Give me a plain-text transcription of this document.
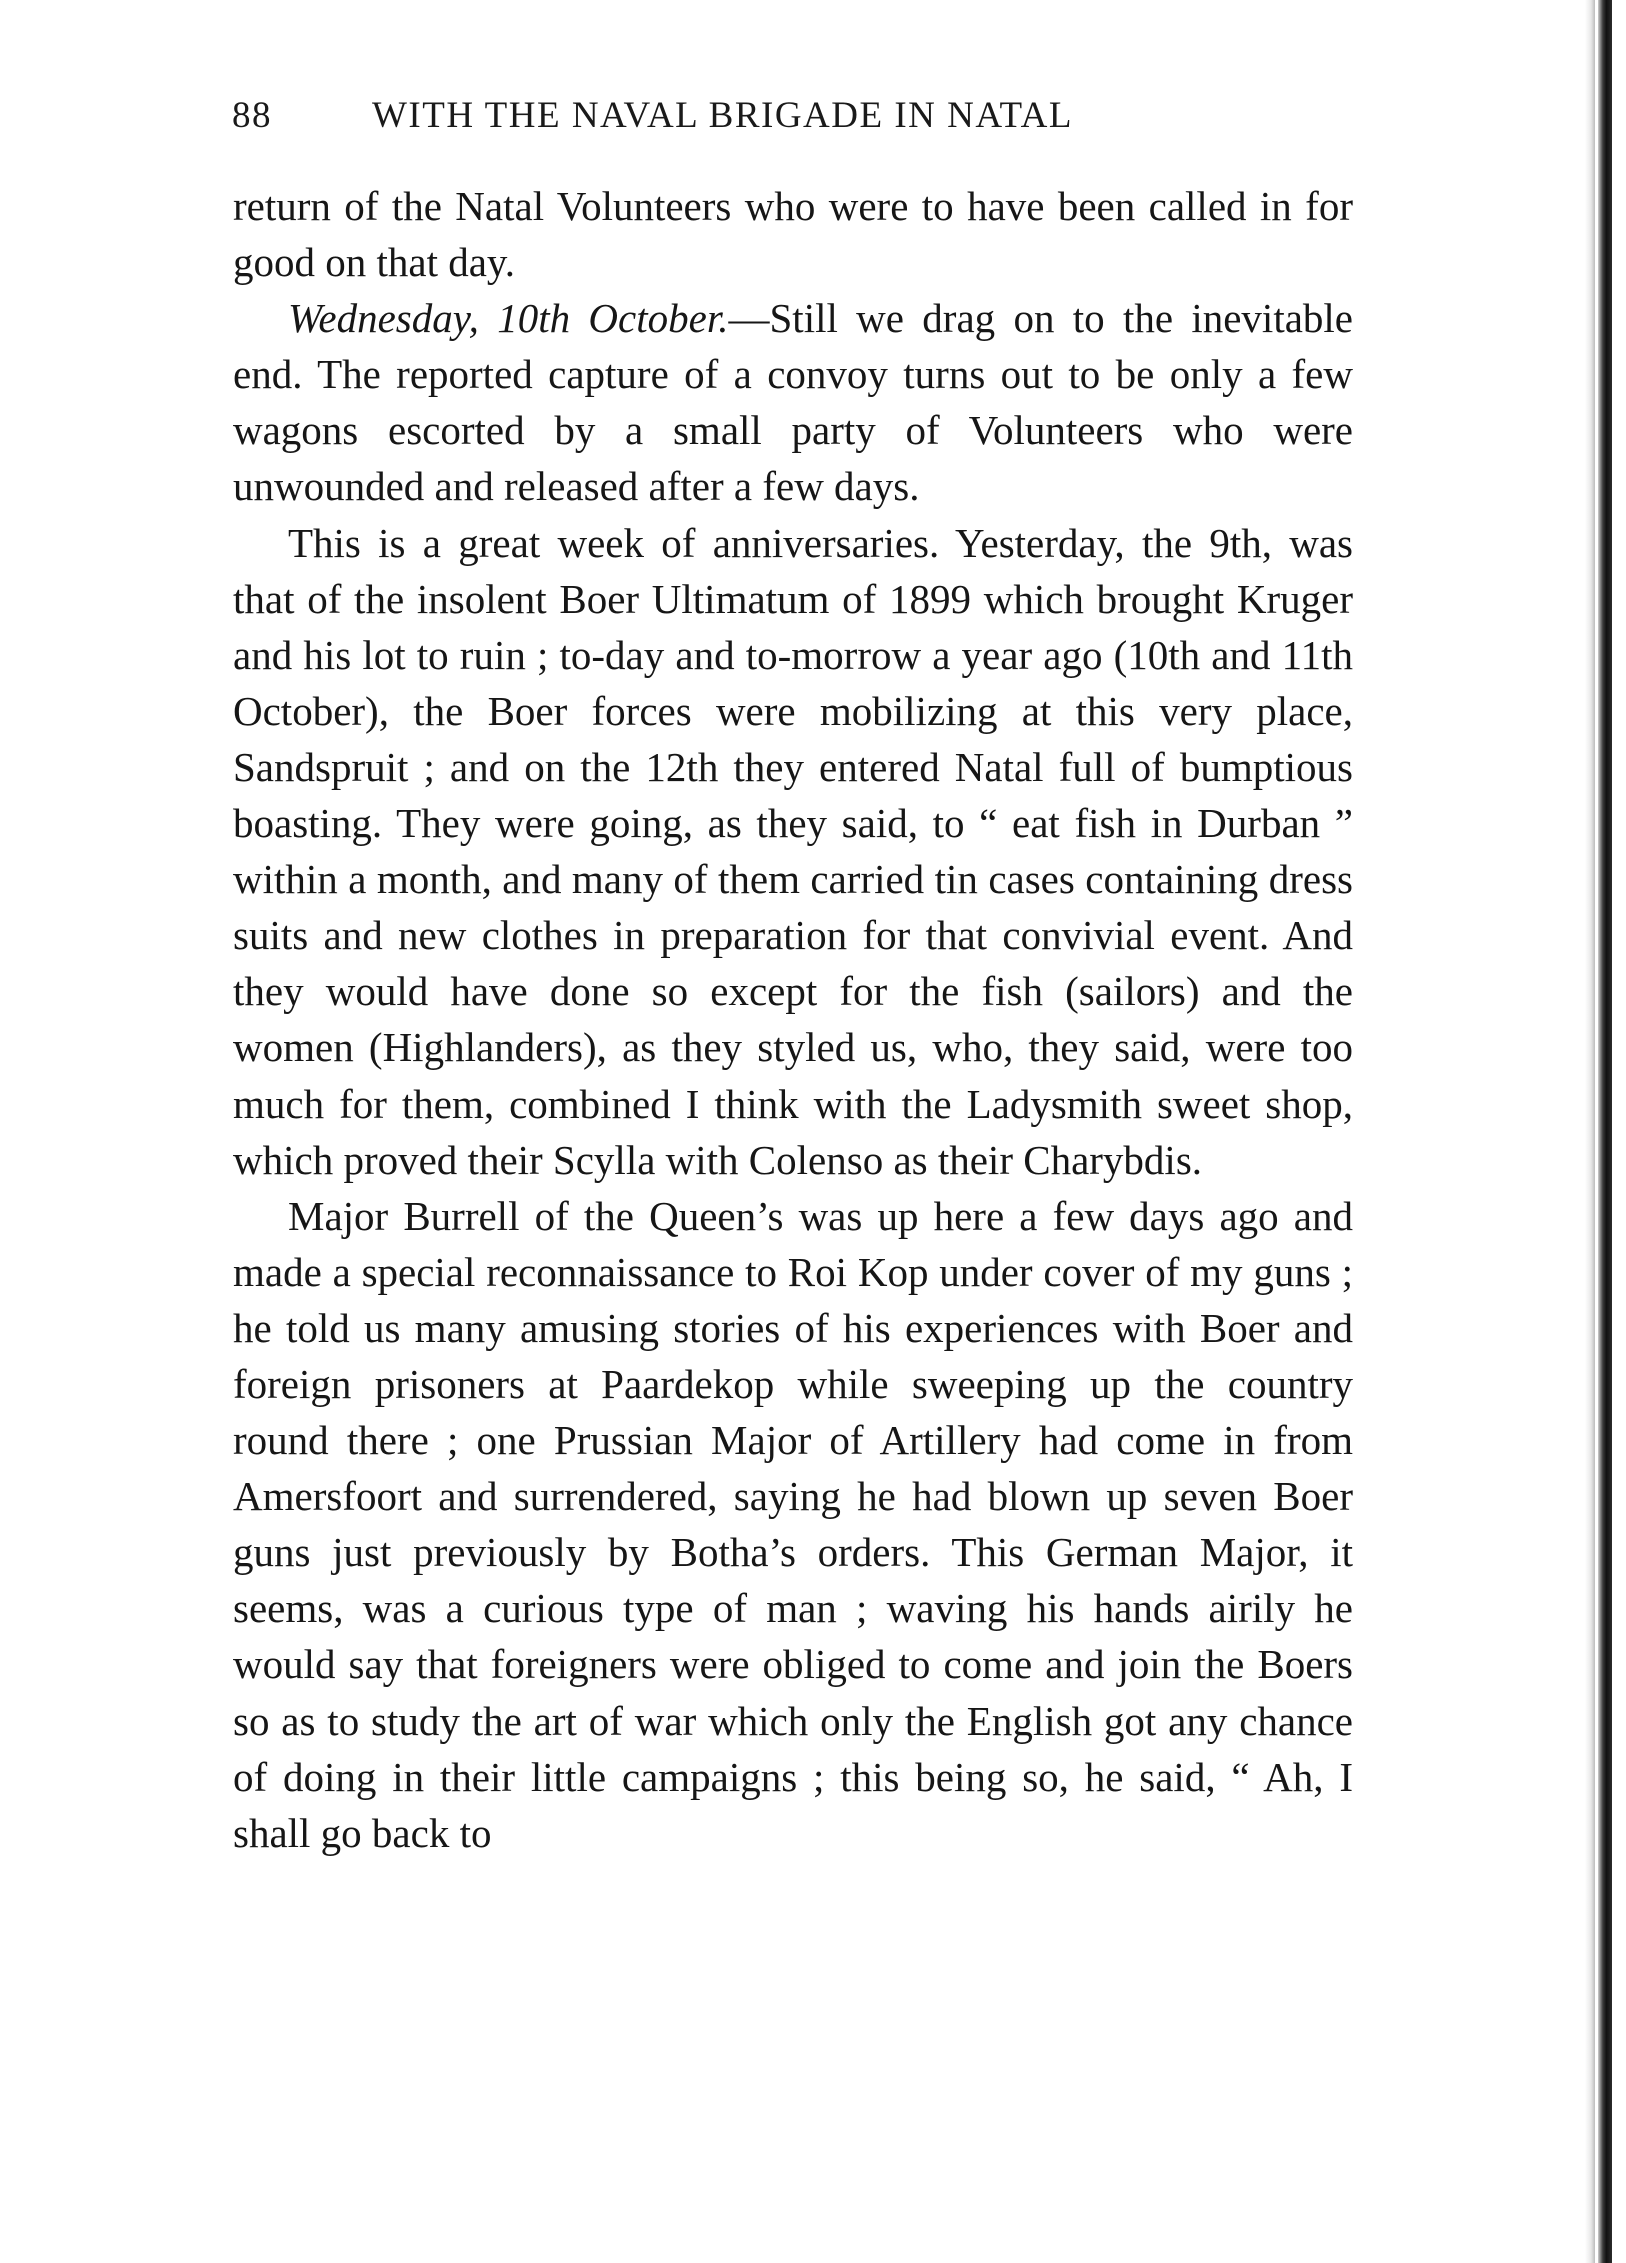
88	WITH THE NAVAL BRIGADE IN NATAL

return of the Natal Volunteers who were to have been called in for good on that day.

Wednesday, 10th October.—Still we drag on to the inevitable end. The reported capture of a convoy turns out to be only a few wagons escorted by a small party of Volunteers who were unwounded and released after a few days.

This is a great week of anniversaries. Yesterday, the 9th, was that of the insolent Boer Ultimatum of 1899 which brought Kruger and his lot to ruin ; to-day and to-morrow a year ago (10th and 11th October), the Boer forces were mobilizing at this very place, Sandspruit ; and on the 12th they entered Natal full of bumptious boasting. They were going, as they said, to “ eat fish in Durban ” within a month, and many of them carried tin cases containing dress suits and new clothes in preparation for that convivial event. And they would have done so except for the fish (sailors) and the women (Highlanders), as they styled us, who, they said, were too much for them, combined I think with the Ladysmith sweet shop, which proved their Scylla with Colenso as their Charybdis.

Major Burrell of the Queen’s was up here a few days ago and made a special reconnaissance to Roi Kop under cover of my guns ; he told us many amusing stories of his experiences with Boer and foreign prisoners at Paardekop while sweeping up the country round there ; one Prussian Major of Artillery had come in from Amersfoort and surrendered, saying he had blown up seven Boer guns just previously by Botha’s orders. This German Major, it seems, was a curious type of man ; waving his hands airily he would say that foreigners were obliged to come and join the Boers so as to study the art of war which only the English got any chance of doing in their little campaigns ; this being so, he said, “ Ah, I shall go back to
